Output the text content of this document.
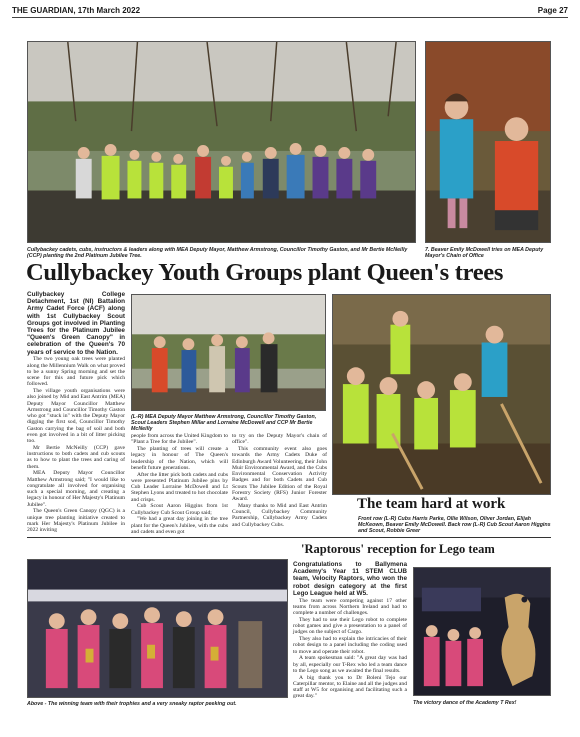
THE GUARDIAN, 17th March 2022	Page 27
Cullybackey cadets, cubs, instructors & leaders along with MEA Deputy Mayor, Matthew Armstrong, Councillor Timothy Gaston, and Mr Bertie McNeilly (CCP) planting the 2nd Platinum Jubilee Tree.
7. Beaver Emily McDowell tries on MEA Deputy Mayor's Chain of Office
Cullybackey Youth Groups plant Queen's trees

Cullybackey College Detachment, 1st (NI) Battalion Army Cadet Force (ACF) along with 1st Cullybackey Scout Groups got involved in Planting Trees for the Platinum Jubilee "Queen's Green Canopy" in celebration of the Queen's 70 years of service to the Nation.

The two young oak trees were planted along the Millennium Walk on what proved to be a sunny Spring morning and set the scene for this and future pick which followed.

The village youth organisations were also joined by Mid and East Antrim (MEA) Deputy Mayor Councillor Matthew Armstrong and Councillor Timothy Gaston who got "stuck in" with the Deputy Mayor digging the first sod, Councillor Timothy Gaston carrying the bag of soil and both even got involved in a bit of litter picking too.

Mr Bertie McNeilly (CCP) gave instructions to both cadets and cub scouts as to how to plant the trees and caring of them.

MEA Deputy Mayor Councillor Matthew Armstrong said; "I would like to congratulate all involved for organising such a special morning, and creating a legacy in honour of Her Majesty's Platinum Jubilee".

The Queen's Green Canopy (QGC) is a unique tree planting initiative created to mark Her Majesty's Platinum Jubilee in 2022 inviting

(L-R) MEA Deputy Mayor Matthew Armstrong, Councillor Timothy Gaston, Scout Leaders Stephen Millar and Lorraine McDowell and CCP Mr Bertie McNeilly

people from across the United Kingdom to "Plant a Tree for the Jubilee".

The planting of trees will create a legacy in honour of The Queen's leadership of the Nation, which will benefit future generations.

After the litter pick both cadets and cubs were presented Platinum Jubilee pins by Cub Leader Lorraine McDowell and Lt Stephen Lyons and treated to hot chocolate and crisps.

Cub Scout Aaron Higgins from 1st Cullybackey Cub Scout Group said;

"We had a great day joining in the tree plant for the Queen's Jubilee, with the cubs and cadets and even got

to try on the Deputy Mayor's chain of office".

This community event also goes towards the Army Cadets Duke of Edinburgh Award Volunteering, their John Muir Environmental Award, and the Cubs Environmental Conservation Activity Badges and for both Cadets and Cub Scouts The Jubilee Edition of the Royal Forestry Society (RFS) Junior Forester Award.

Many thanks to Mid and East Antrim Council, Cullybackey Community Partnership, Cullybackey Army Cadets and Cullybackey Cubs.

The team hard at work
Front row (L-R) Cubs Harris Parke, Ollie Wilson, Oliver Jordan, Elijah McKeown, Beaver Emily McDowell. Back row (L-R) Cub Scout Aaron Higgins and Scout, Robbie Greer
'Raptorous' reception for Lego team
Above - The winning team with their trophies and a very sneaky raptor peeking out.

Congratulations to Ballymena Academy's Year 11 STEM CLUB team, Velocity Raptors, who won the robot design category at the first Lego League held at W5.

The team were competing against 17 other teams from across Northern Ireland and had to complete a number of challenges.

They had to use their Lego robot to complete robot games and give a presentation to a panel of judges on the subject of Cargo.

They also had to explain the intricacies of their robot design to a panel including the coding used to move and operate their robot.

A team spokesman said: "A great day was had by all, especially our T-Rex who led a team dance to the Lego song as we awaited the final results.

A big thank you to Dr Boleni Tejo our Caterpillar mentor, to Elaine and all the judges and staff at W5 for organising and facilitating such a great day."

The victory dance of the Academy T Rex!
